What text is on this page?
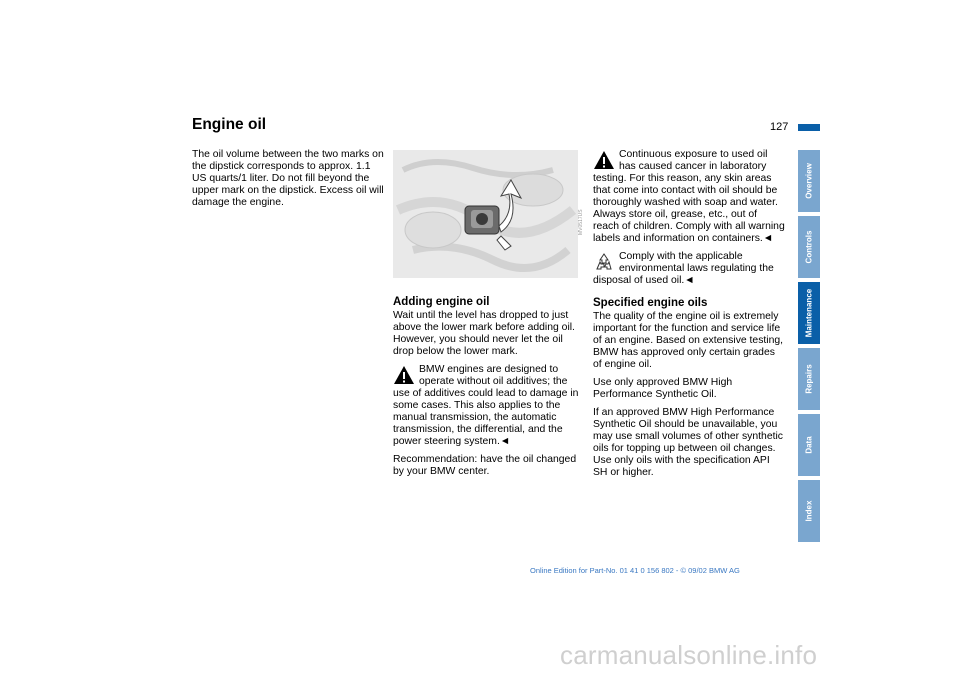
Engine oil	127

The oil volume between the two marks on the dipstick corresponds to approx. 1.1 US quarts/1 liter. Do not fill beyond the upper mark on the dipstick. Excess oil will damage the engine.

MV0517US
Adding engine oil

Wait until the level has dropped to just above the lower mark before adding oil. However, you should never let the oil drop below the lower mark.

BMW engines are designed to operate without oil additives; the use of additives could lead to damage in some cases. This also applies to the manual transmission, the automatic transmission, the differential, and the power steering system.◄

Recommendation: have the oil changed by your BMW center.

Continuous exposure to used oil has caused cancer in laboratory testing. For this reason, any skin areas that come into contact with oil should be thoroughly washed with soap and water.

Always store oil, grease, etc., out of reach of children. Comply with all warning labels and information on containers.◄

Comply with the applicable environmental laws regulating the disposal of used oil.◄

Specified engine oils

The quality of the engine oil is extremely important for the function and service life of an engine. Based on extensive testing, BMW has approved only certain grades of engine oil.

Use only approved BMW High Performance Synthetic Oil.

If an approved BMW High Performance Synthetic Oil should be unavailable, you may use small volumes of other synthetic oils for topping up between oil changes. Use only oils with the specification API SH or higher.

Overview
Controls
Maintenance
Repairs
Data
Index
Online Edition for Part-No. 01 41 0 156 802 - © 09/02 BMW AG
carmanualsonline.info
